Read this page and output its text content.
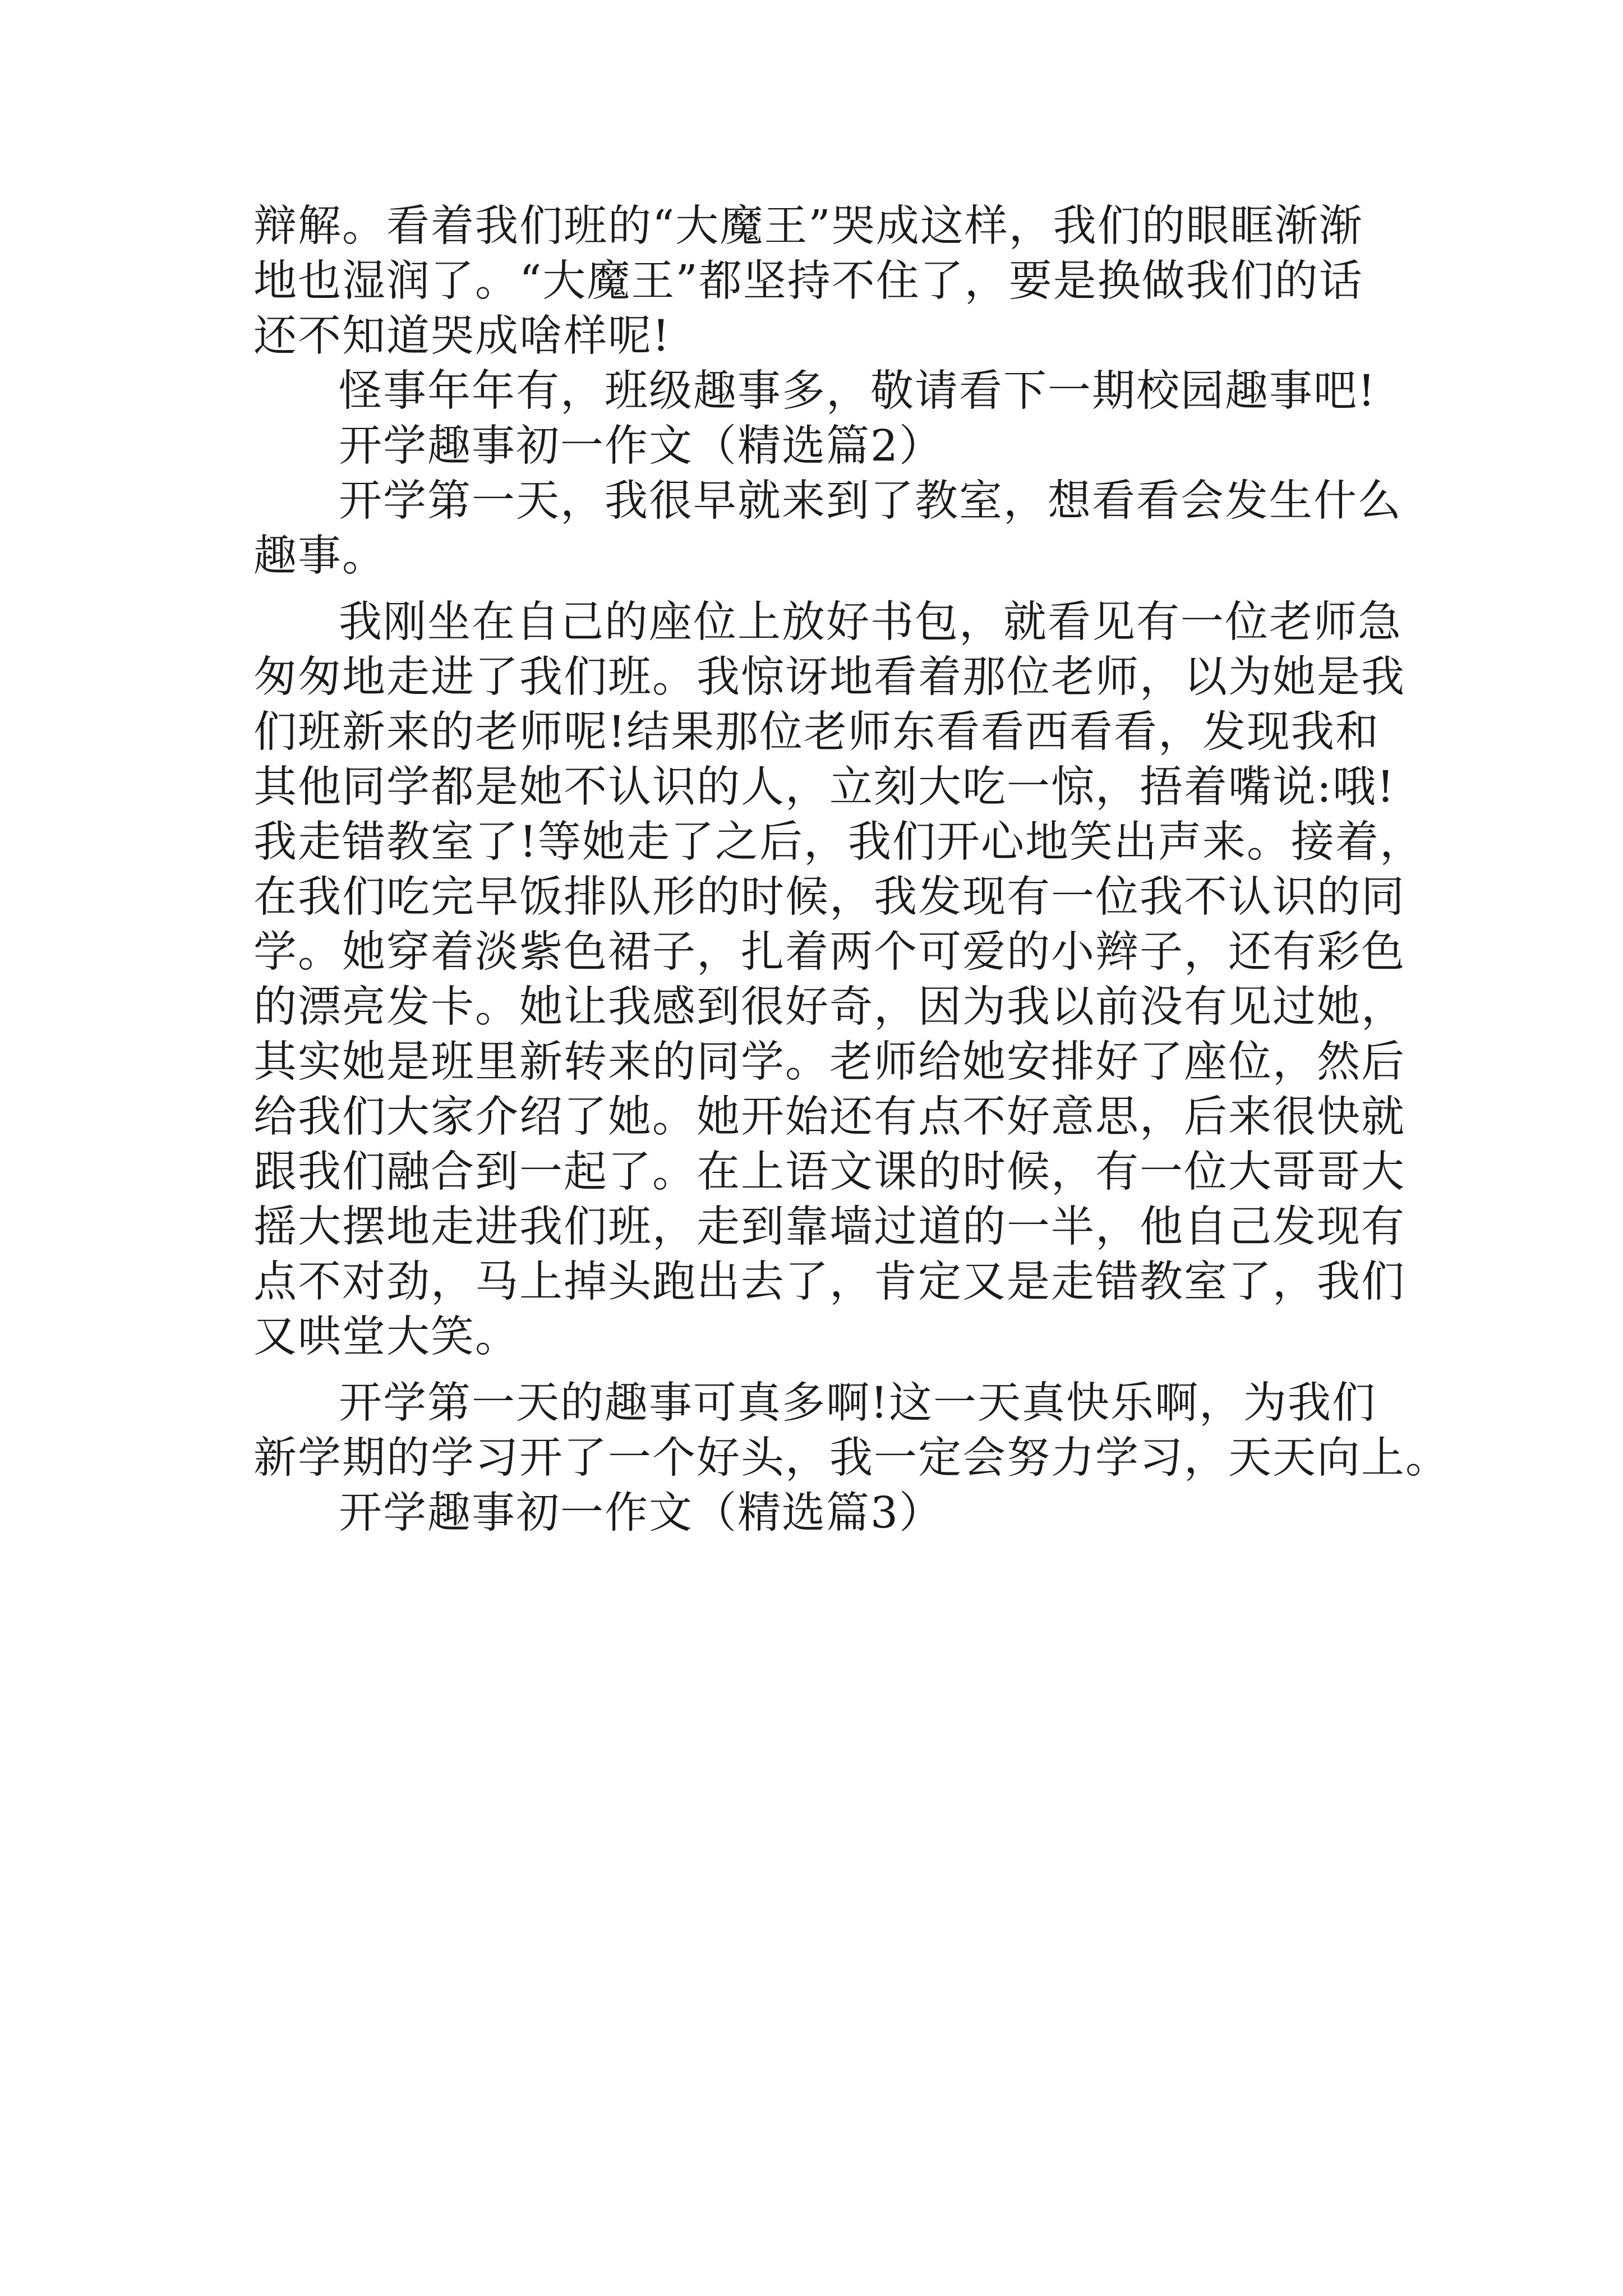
辩解。看着我们班的“大魔王”哭成这样，我们的眼眶渐渐

地也湿润了。“大魔王”都坚持不住了，要是换做我们的话

还不知道哭成啥样呢!

怪事年年有，班级趣事多，敬请看下一期校园趣事吧!

开学趣事初一作文（精选篇2）

开学第一天，我很早就来到了教室，想看看会发生什么

趣事。

我刚坐在自己的座位上放好书包，就看见有一位老师急

匆匆地走进了我们班。我惊讶地看着那位老师，以为她是我

们班新来的老师呢!结果那位老师东看看西看看，发现我和

其他同学都是她不认识的人，立刻大吃一惊，捂着嘴说:哦!

我走错教室了!等她走了之后，我们开心地笑出声来。接着，

在我们吃完早饭排队形的时候，我发现有一位我不认识的同

学。她穿着淡紫色裙子，扎着两个可爱的小辫子，还有彩色

的漂亮发卡。她让我感到很好奇，因为我以前没有见过她，

其实她是班里新转来的同学。老师给她安排好了座位，然后

给我们大家介绍了她。她开始还有点不好意思，后来很快就

跟我们融合到一起了。在上语文课的时候，有一位大哥哥大

摇大摆地走进我们班，走到靠墙过道的一半，他自己发现有

点不对劲，马上掉头跑出去了，肯定又是走错教室了，我们

又哄堂大笑。

开学第一天的趣事可真多啊!这一天真快乐啊，为我们

新学期的学习开了一个好头，我一定会努力学习，天天向上。

开学趣事初一作文（精选篇3）
